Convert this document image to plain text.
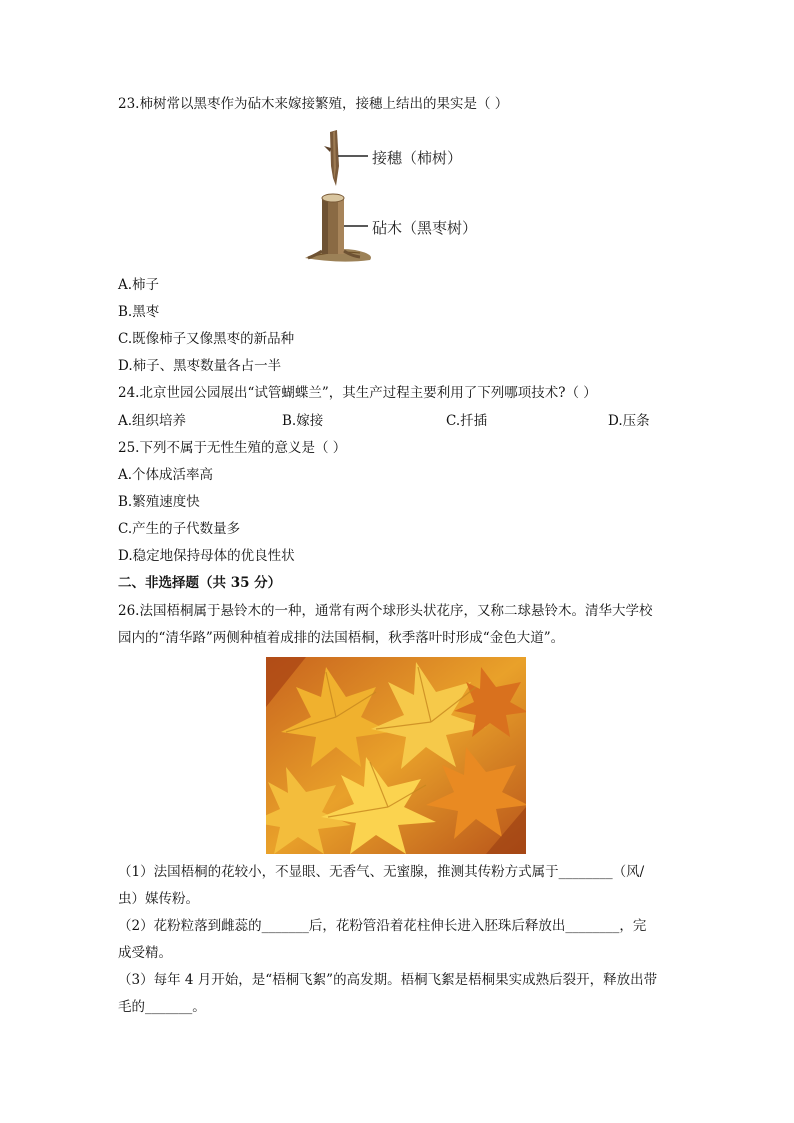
23.柿树常以黑枣作为砧木来嫁接繁殖，接穗上结出的果实是（ ）
接穗（柿树）
砧木（黑枣树）
A.柿子
B.黑枣
C.既像柿子又像黑枣的新品种
D.柿子、黑枣数量各占一半
24.北京世园公园展出“试管蝴蝶兰”，其生产过程主要利用了下列哪项技术?（ ）
A.组织培养	B.嫁接	C.扦插	D.压条
25.下列不属于无性生殖的意义是（ ）
A.个体成活率高
B.繁殖速度快
C.产生的子代数量多
D.稳定地保持母体的优良性状
二、非选择题（共 35 分）
26.法国梧桐属于悬铃木的一种，通常有两个球形头状花序，又称二球悬铃木。清华大学校
园内的“清华路”两侧种植着成排的法国梧桐，秋季落叶时形成“金色大道”。
（1）法国梧桐的花较小，不显眼、无香气、无蜜腺，推测其传粉方式属于________（风/
虫）媒传粉。
（2）花粉粒落到雌蕊的_______后，花粉管沿着花柱伸长进入胚珠后释放出________，完
成受精。
（3）每年 4 月开始，是“梧桐飞絮”的高发期。梧桐飞絮是梧桐果实成熟后裂开，释放出带
毛的_______。
